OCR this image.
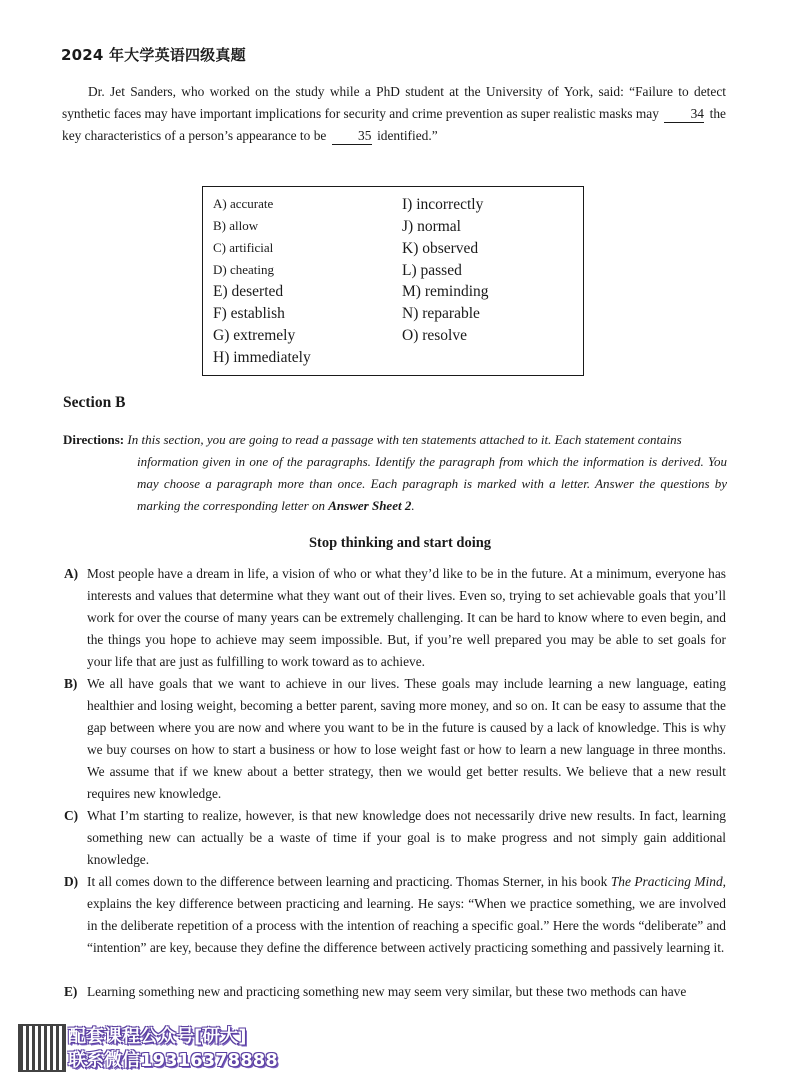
2024 年大学英语四级真题
Dr. Jet Sanders, who worked on the study while a PhD student at the University of York, said: “Failure to detect synthetic faces may have important implications for security and crime prevention as super realistic masks may 34 the key characteristics of a person’s appearance to be 35 identified.”
A) accurate
B) allow
C) artificial
D) cheating
E) deserted
F) establish
G) extremely
H) immediately
I) incorrectly
J) normal
K) observed
L) passed
M) reminding
N) reparable
O) resolve
Section B
Directions: In this section, you are going to read a passage with ten statements attached to it. Each statement contains
information given in one of the paragraphs. Identify the paragraph from which the information is derived. You may choose a paragraph more than once. Each paragraph is marked with a letter. Answer the questions by marking the corresponding letter on Answer Sheet 2.
Stop thinking and start doing
A) Most people have a dream in life, a vision of who or what they’d like to be in the future. At a minimum, everyone has interests and values that determine what they want out of their lives. Even so, trying to set achievable goals that you’ll work for over the course of many years can be extremely challenging. It can be hard to know where to even begin, and the things you hope to achieve may seem impossible. But, if you’re well prepared you may be able to set goals for your life that are just as fulfilling to work toward as to achieve.
B) We all have goals that we want to achieve in our lives. These goals may include learning a new language, eating healthier and losing weight, becoming a better parent, saving more money, and so on. It can be easy to assume that the gap between where you are now and where you want to be in the future is caused by a lack of knowledge. This is why we buy courses on how to start a business or how to lose weight fast or how to learn a new language in three months. We assume that if we knew about a better strategy, then we would get better results. We believe that a new result requires new knowledge.
C) What I’m starting to realize, however, is that new knowledge does not necessarily drive new results. In fact, learning something new can actually be a waste of time if your goal is to make progress and not simply gain additional knowledge.
D) It all comes down to the difference between learning and practicing. Thomas Sterner, in his book The Practicing Mind, explains the key difference between practicing and learning. He says: “When we practice something, we are involved in the deliberate repetition of a process with the intention of reaching a specific goal.” Here the words “deliberate” and “intention” are key, because they define the difference between actively practicing something and passively learning it.
E) Learning something new and practicing something new may seem very similar, but these two methods can have
配套课程公众号[研大]
联系微信19316378888
